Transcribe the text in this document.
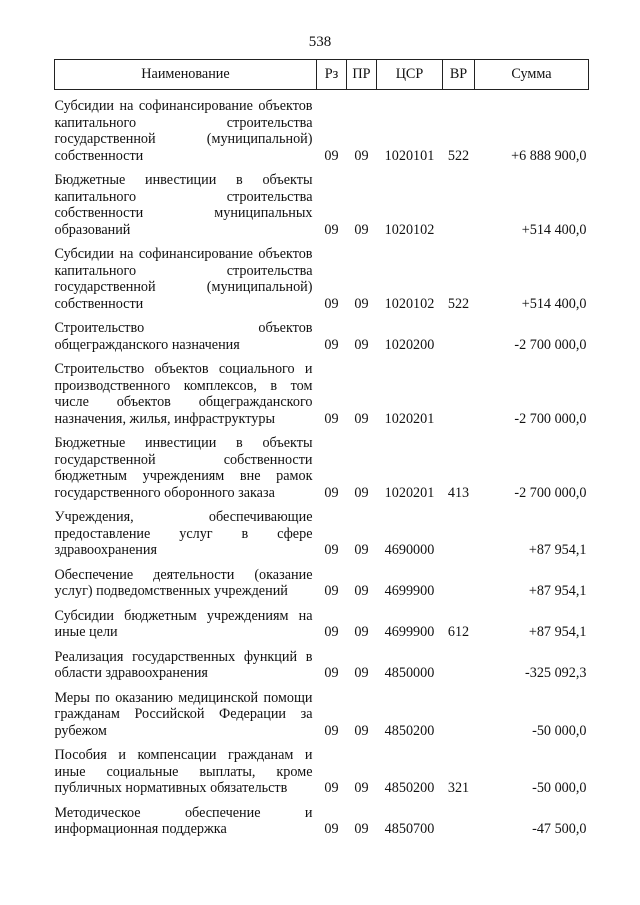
538
Наименование	Рз	ПР	ЦСР	ВР	Сумма
Субсидии на софинансирование объектов капитального строительства государственной (муниципальной) собственности	09	09	1020101	522	+6 888 900,0
Бюджетные инвестиции в объекты капитального строительства собственности муниципальных образований	09	09	1020102		+514 400,0
Субсидии на софинансирование объектов капитального строительства государственной (муниципальной) собственности	09	09	1020102	522	+514 400,0
Строительство объектов общегражданского назначения	09	09	1020200		-2 700 000,0
Строительство объектов социального и производственного комплексов, в том числе объектов общегражданского назначения, жилья, инфраструктуры	09	09	1020201		-2 700 000,0
Бюджетные инвестиции в объекты государственной собственности бюджетным учреждениям вне рамок государственного оборонного заказа	09	09	1020201	413	-2 700 000,0
Учреждения, обеспечивающие предоставление услуг в сфере здравоохранения	09	09	4690000		+87 954,1
Обеспечение деятельности (оказание услуг) подведомственных учреждений	09	09	4699900		+87 954,1
Субсидии бюджетным учреждениям на иные цели	09	09	4699900	612	+87 954,1
Реализация государственных функций в области здравоохранения	09	09	4850000		-325 092,3
Меры по оказанию медицинской помощи гражданам Российской Федерации за рубежом	09	09	4850200		-50 000,0
Пособия и компенсации гражданам и иные социальные выплаты, кроме публичных нормативных обязательств	09	09	4850200	321	-50 000,0
Методическое обеспечение и информационная поддержка	09	09	4850700		-47 500,0
